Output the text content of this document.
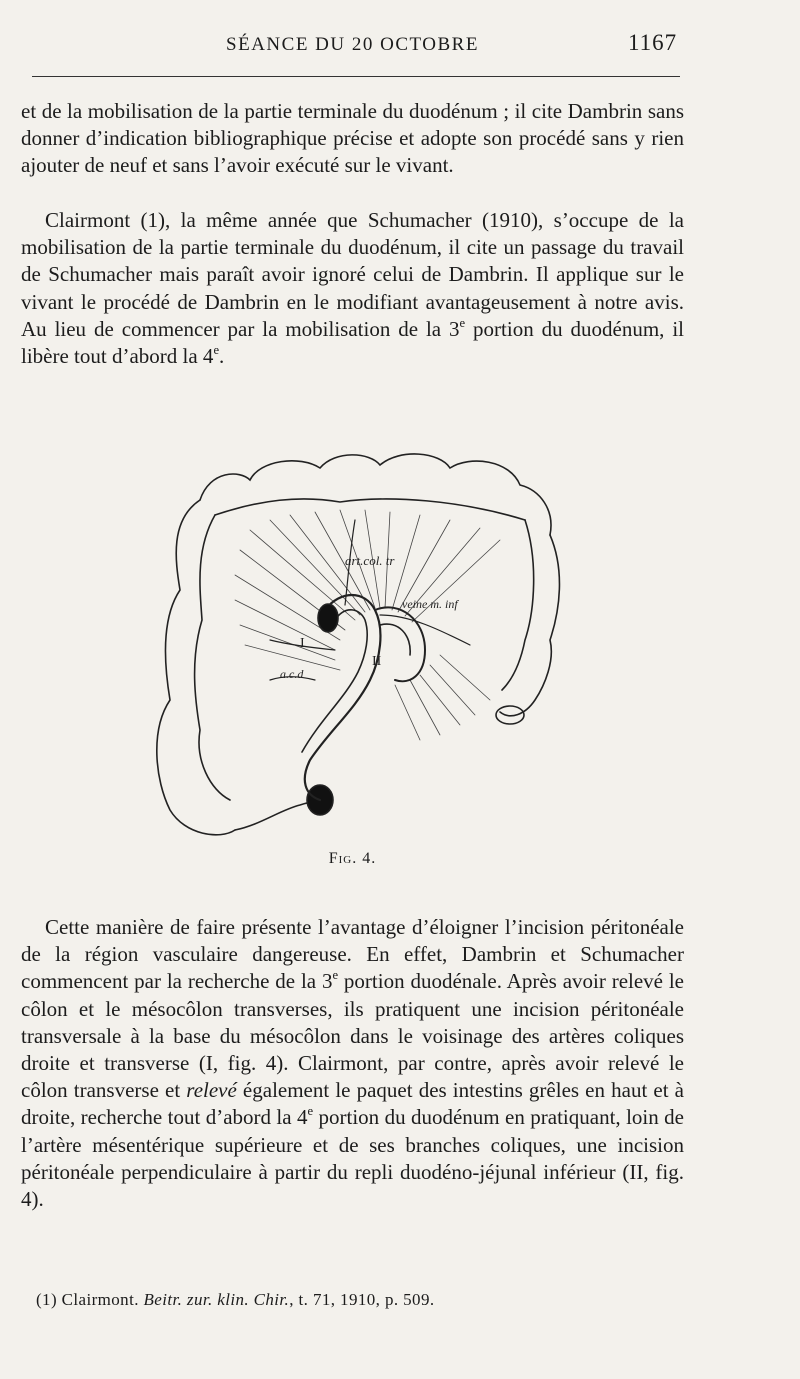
SÉANCE DU 20 OCTOBRE	1167

et de la mobilisation de la partie terminale du duodénum ; il cite Dambrin sans donner d’indication bibliographique précise et adopte son procédé sans y rien ajouter de neuf et sans l’avoir exécuté sur le vivant.

Clairmont (1), la même année que Schumacher (1910), s’occupe de la mobilisation de la partie terminale du duodénum, il cite un passage du travail de Schumacher mais paraît avoir ignoré celui de Dambrin. Il applique sur le vivant le procédé de Dambrin en le modifiant avantageusement à notre avis. Au lieu de commencer par la mobilisation de la 3e portion du duodénum, il libère tout d’abord la 4e.

art.col. tr
veine m. inf
I
II
a.c.d
Fig. 4.

Cette manière de faire présente l’avantage d’éloigner l’incision péritonéale de la région vasculaire dangereuse. En effet, Dambrin et Schumacher commencent par la recherche de la 3e portion duodénale. Après avoir relevé le côlon et le mésocôlon transverses, ils pratiquent une incision péritonéale transversale à la base du mésocôlon dans le voisinage des artères coliques droite et transverse (I, fig. 4). Clairmont, par contre, après avoir relevé le côlon transverse et relevé également le paquet des intestins grêles en haut et à droite, recherche tout d’abord la 4e portion du duodénum en pratiquant, loin de l’artère mésentérique supérieure et de ses branches coliques, une incision péritonéale perpendiculaire à partir du repli duodéno-jéjunal inférieur (II, fig. 4).

(1) Clairmont. Beitr. zur. klin. Chir., t. 71, 1910, p. 509.
